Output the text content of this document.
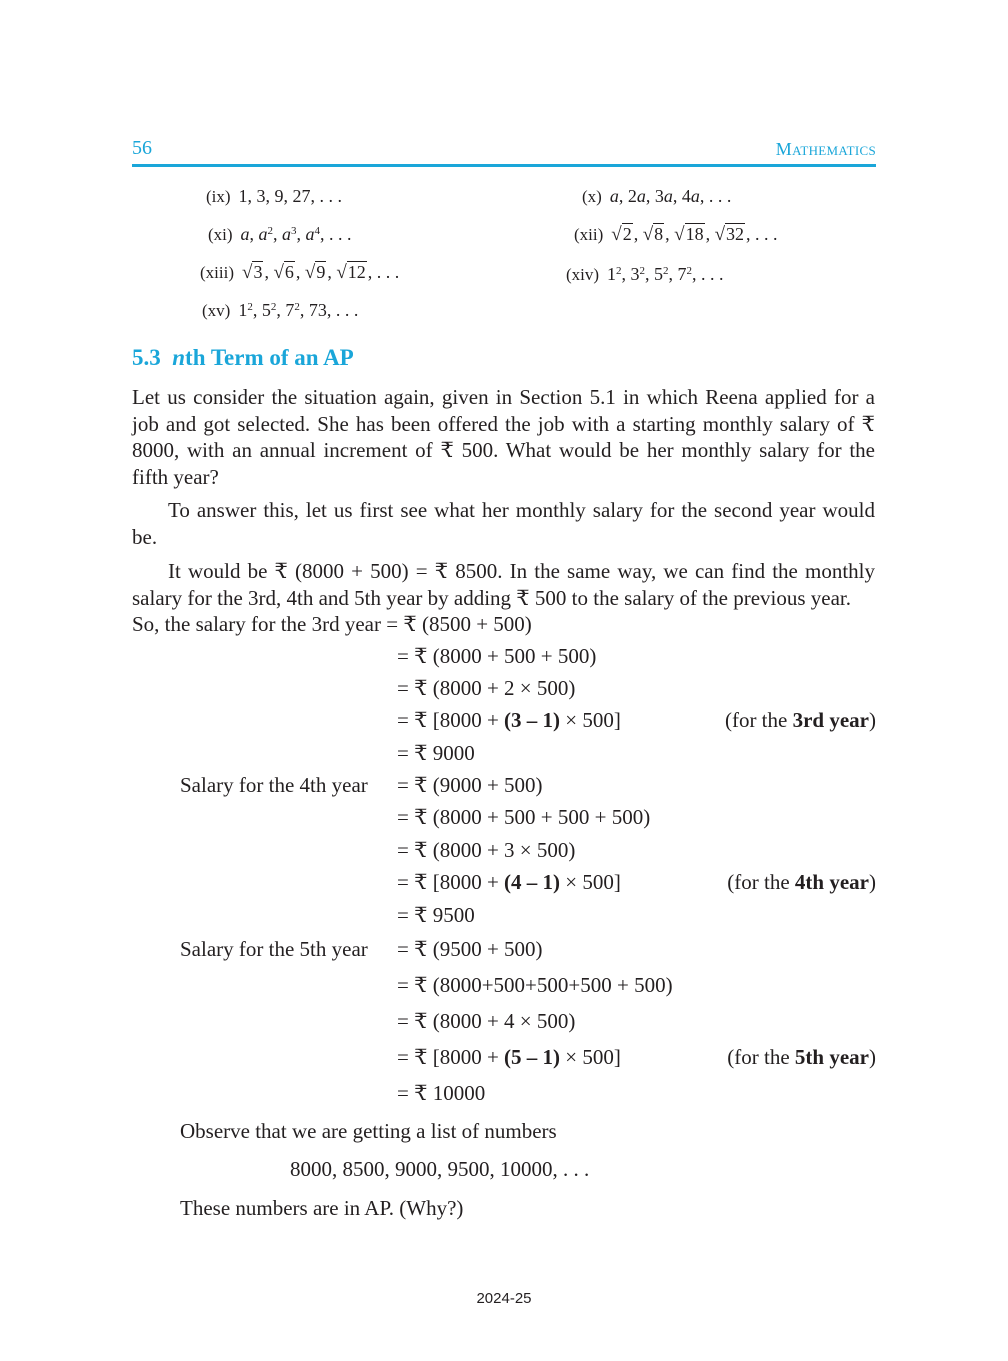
56	Mathematics
(ix) 1, 3, 9, 27, . . .	(x) a, 2a, 3a, 4a, . . .
(xi) a, $a^2$, $a^3$, $a^4$, . . .	(xii) √2 , √8 , √18 , √32 , . . .
(xiii) √3 , √6 , √9 , √12 , . . .	(xiv) $1^2$, $3^2$, $5^2$, $7^2$, . . .
(xv) $1^2$, $5^2$, $7^2$, 73, . . .
5.3 nth Term of an AP
Let us consider the situation again, given in Section 5.1 in which Reena applied for a job and got selected. She has been offered the job with a starting monthly salary of ₹ 8000, with an annual increment of ₹ 500. What would be her monthly salary for the fifth year?
To answer this, let us first see what her monthly salary for the second year would be.
It would be ₹ (8000 + 500) = ₹ 8500. In the same way, we can find the monthly salary for the 3rd, 4th and 5th year by adding ₹ 500 to the salary of the previous year.
So, the salary for the 3rd year = ₹ (8500 + 500)
= ₹ (8000 + 500 + 500)
= ₹ (8000 + 2 × 500)
= ₹ [8000 + (3 – 1) × 500]	(for the 3rd year)
= ₹ 9000
Salary for the 4th year = ₹ (9000 + 500)
= ₹ (8000 + 500 + 500 + 500)
= ₹ (8000 + 3 × 500)
= ₹ [8000 + (4 – 1) × 500]	(for the 4th year)
= ₹ 9500
Salary for the 5th year = ₹ (9500 + 500)
= ₹ (8000+500+500+500 + 500)
= ₹ (8000 + 4 × 500)
= ₹ [8000 + (5 – 1) × 500]	(for the 5th year)
= ₹ 10000
Observe that we are getting a list of numbers
8000, 8500, 9000, 9500, 10000, . . .
These numbers are in AP. (Why?)
2024-25
